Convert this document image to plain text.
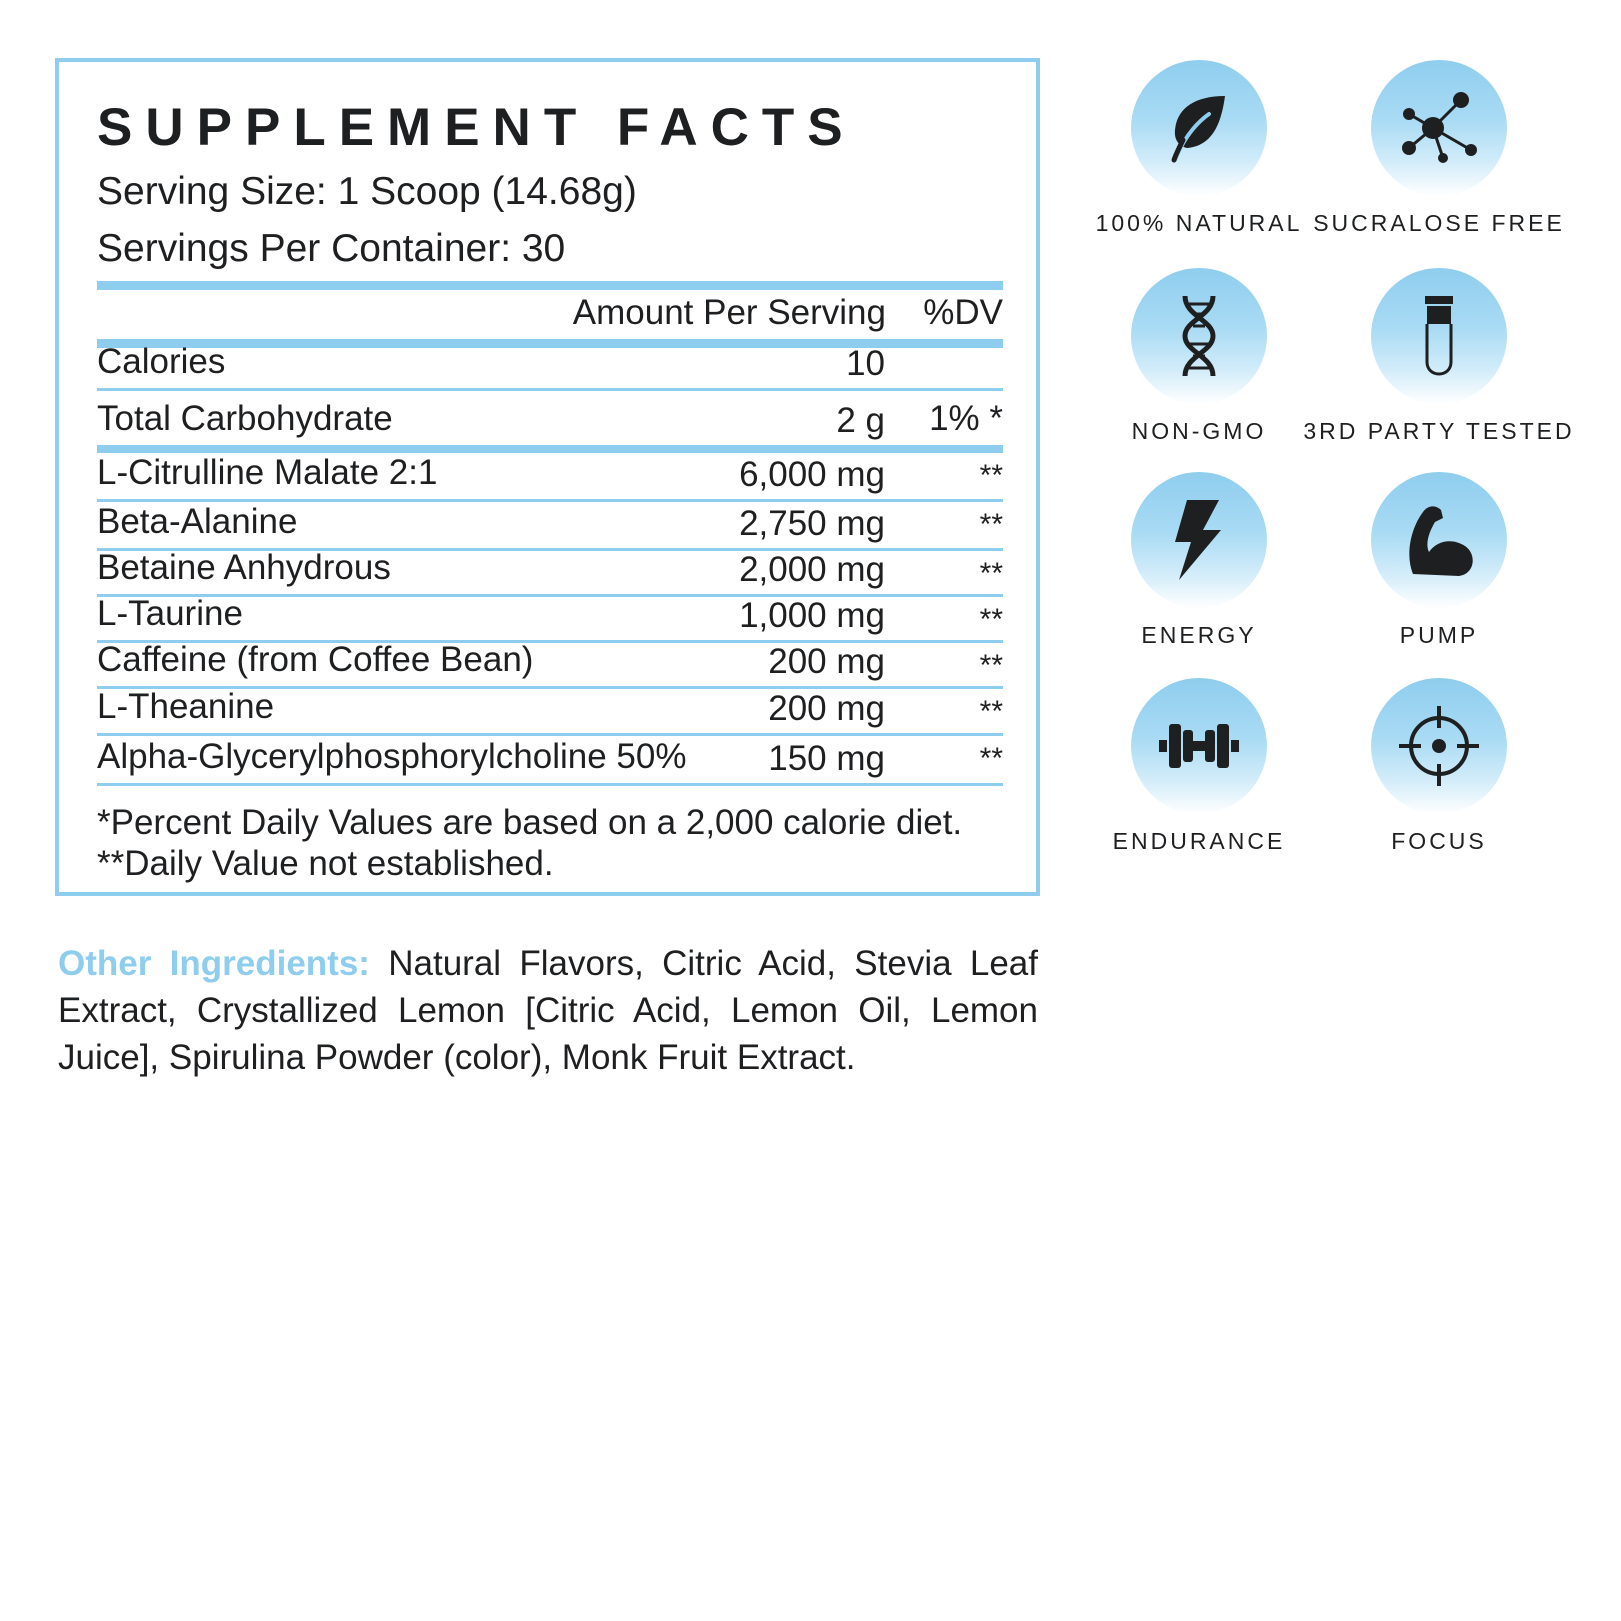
SUPPLEMENT FACTS
Serving Size: 1 Scoop (14.68g)
Servings Per Container: 30
Amount Per Serving %DV
Calories	10
Total Carbohydrate	2 g 1% *
L-Citrulline Malate 2:1	6,000 mg	**
Beta-Alanine	2,750 mg	**
Betaine Anhydrous	2,000 mg	**
L-Taurine	1,000 mg	**
Caffeine (from Coffee Bean)	200 mg	**
L-Theanine	200 mg	**
Alpha-Glycerylphosphorylcholine 50% 150 mg	**
*Percent Daily Values are based on a 2,000 calorie diet.
**Daily Value not established.

Other Ingredients: Natural Flavors, Citric Acid, Stevia Leaf Extract, Crystallized Lemon [Citric Acid, Lemon Oil, Lemon Juice], Spirulina Powder (color), Monk Fruit Extract.

100% NATURAL SUCRALOSE FREE
NON-GMO	3RD PARTY TESTED
ENERGY	PUMP
ENDURANCE	FOCUS
